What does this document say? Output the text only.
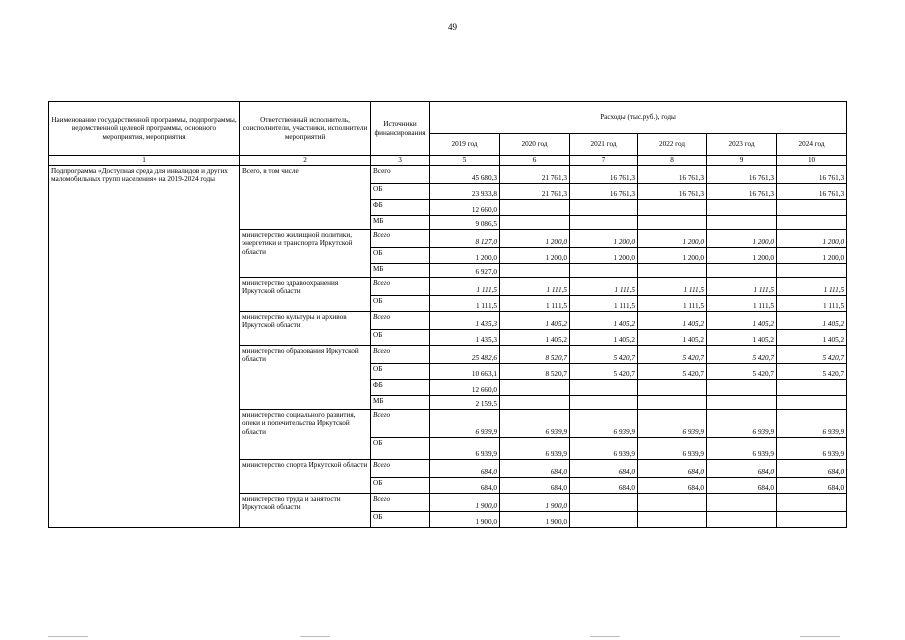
49
Наименование государственной программы, подпрограммы, ведомственной целевой программы, основного мероприятия, мероприятия	Ответственный исполнитель, соисполнители, участники, исполнители мероприятий	Источники финансирования	Расходы (тыс.руб.), годы					
			2019 год	2020 год	2021 год	2022 год	2023 год	2024 год
1	2	3	5	6	7	8	9	10
Подпрограмма «Доступная среда для инвалидов и других маломобильных групп населения» на 2019-2024 годы	Всего, в том числе	Всего	45 680,3	21 761,3	16 761,3	16 761,3	16 761,3	16 761,3
		ОБ	23 933,8	21 761,3	16 761,3	16 761,3	16 761,3	16 761,3
		ФБ	12 660,0					
		МБ	9 086,5					
	министерство жилищной политики, энергетики и транспорта Иркутской области	Всего	8 127,0	1 200,0	1 200,0	1 200,0	1 200,0	1 200,0
		ОБ	1 200,0	1 200,0	1 200,0	1 200,0	1 200,0	1 200,0
		МБ	6 927,0					
	министерство здравоохранения Иркутской области	Всего	1 111,5	1 111,5	1 111,5	1 111,5	1 111,5	1 111,5
		ОБ	1 111,5	1 111,5	1 111,5	1 111,5	1 111,5	1 111,5
	министерство культуры и архивов Иркутской области	Всего	1 435,3	1 405,2	1 405,2	1 405,2	1 405,2	1 405,2
		ОБ	1 435,3	1 405,2	1 405,2	1 405,2	1 405,2	1 405,2
	министерство образования Иркутской области	Всего	25 482,6	8 520,7	5 420,7	5 420,7	5 420,7	5 420,7
		ОБ	10 663,1	8 520,7	5 420,7	5 420,7	5 420,7	5 420,7
		ФБ	12 660,0					
		МБ	2 159,5					
	министерство социального развития, опеки и попечительства Иркутской области	Всего	6 939,9	6 939,9	6 939,9	6 939,9	6 939,9	6 939,9
		ОБ	6 939,9	6 939,9	6 939,9	6 939,9	6 939,9	6 939,9
	министерство спорта Иркутской области	Всего	684,0	684,0	684,0	684,0	684,0	684,0
		ОБ	684,0	684,0	684,0	684,0	684,0	684,0
	министерство труда и занятости Иркутской области	Всего	1 900,0	1 900,0				
		ОБ	1 900,0	1 900,0				
